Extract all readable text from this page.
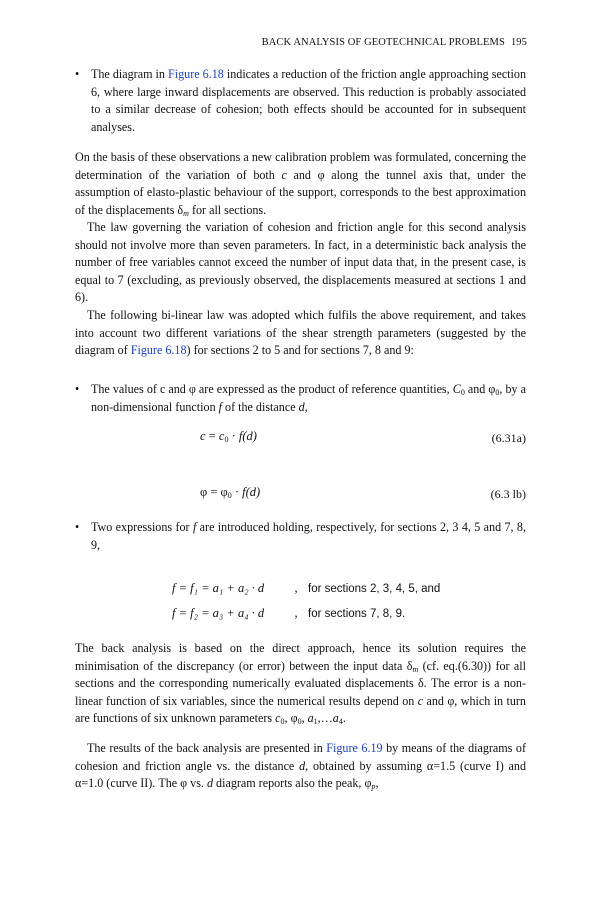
BACK ANALYSIS OF GEOTECHNICAL PROBLEMS 195
• The diagram in Figure 6.18 indicates a reduction of the friction angle approaching section 6, where large inward displacements are observed. This reduction is probably associated to a similar decrease of cohesion; both effects should be accounted for in subsequent analyses.
On the basis of these observations a new calibration problem was formulated, concerning the determination of the variation of both c and φ along the tunnel axis that, under the assumption of elasto-plastic behaviour of the support, corresponds to the best approximation of the displacements $\delta_m$ for all sections.
The law governing the variation of cohesion and friction angle for this second analysis should not involve more than seven parameters. In fact, in a deterministic back analysis the number of free variables cannot exceed the number of input data that, in the present case, is equal to 7 (excluding, as previously observed, the displacements measured at sections 1 and 6).
The following bi-linear law was adopted which fulfils the above requirement, and takes into account two different variations of the shear strength parameters (suggested by the diagram of Figure 6.18) for sections 2 to 5 and for sections 7, 8 and 9:
• The values of c and φ are expressed as the product of reference quantities, $C_0$ and $\varphi_0$, by a non-dimensional function f of the distance d,
$c = c_0 \cdot f(d)$	(6.31a)
$\varphi = \varphi_0 \cdot f(d)$	(6.3 lb)
• Two expressions for f are introduced holding, respectively, for sections 2, 3 4, 5 and 7, 8, 9,
f = f₁ = a₁ + a₂ · d , for sections 2, 3, 4, 5, and
f = f₂ = a₃ + a₄ · d , for sections 7, 8, 9.
The back analysis is based on the direct approach, hence its solution requires the minimisation of the discrepancy (or error) between the input data $\delta_m$ (cf. eq.(6.30)) for all sections and the corresponding numerically evaluated displacements δ. The error is a non-linear function of six variables, since the numerical results depend on c and φ, which in turn are functions of six unknown parameters $c_0$, $\varphi_0$, $a_1,\dots a_4$.
The results of the back analysis are presented in Figure 6.19 by means of the diagrams of cohesion and friction angle vs. the distance d, obtained by assuming α=1.5 (curve I) and α=1.0 (curve II). The φ vs. d diagram reports also the peak, $\varphi_p$,
